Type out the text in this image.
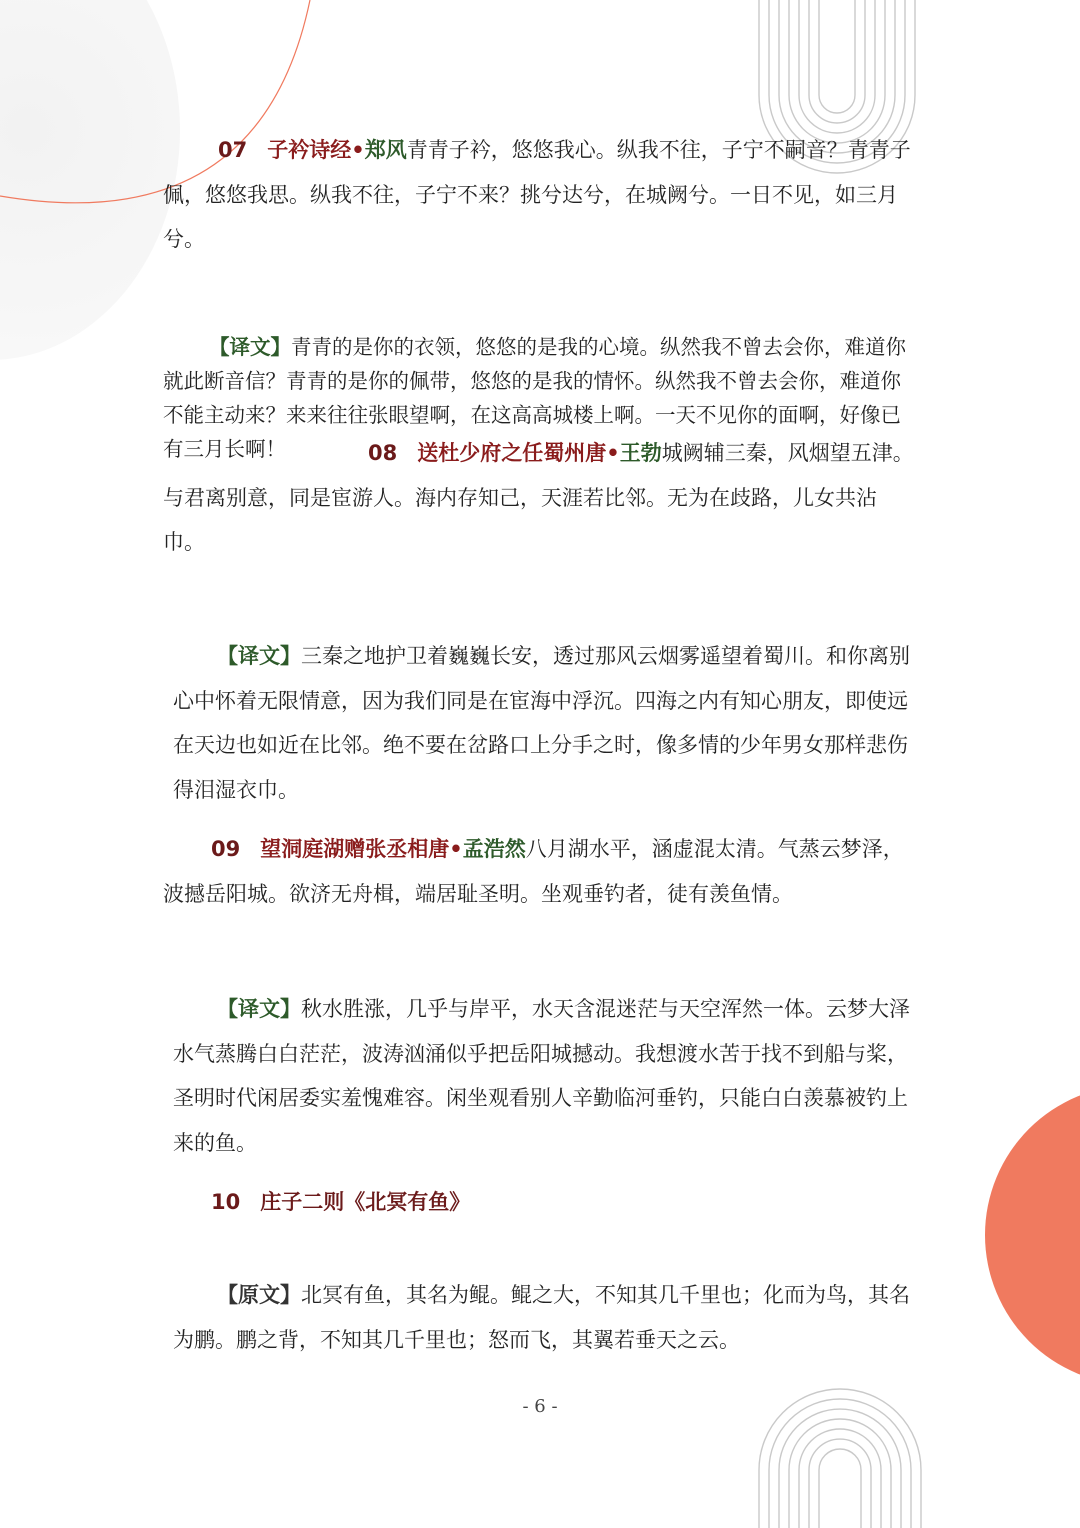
07 子衿诗经•郑风青青子衿，悠悠我心。纵我不往，子宁不嗣音？青青子佩，悠悠我思。纵我不往，子宁不来？挑兮达兮，在城阙兮。一日不见，如三月兮。

【译文】青青的是你的衣领，悠悠的是我的心境。纵然我不曾去会你，难道你就此断音信？青青的是你的佩带，悠悠的是我的情怀。纵然我不曾去会你，难道你不能主动来？来来往往张眼望啊，在这高高城楼上啊。一天不见你的面啊，好像已有三月长啊！	08 送杜少府之任蜀州唐•王勃城阙辅三秦，风烟望五津。与君离别意，同是宦游人。海内存知己，天涯若比邻。无为在歧路，儿女共沾巾。

【译文】三秦之地护卫着巍巍长安，透过那风云烟雾遥望着蜀川。和你离别心中怀着无限情意，因为我们同是在宦海中浮沉。四海之内有知心朋友，即使远在天边也如近在比邻。绝不要在岔路口上分手之时，像多情的少年男女那样悲伤得泪湿衣巾。

09 望洞庭湖赠张丞相唐•孟浩然八月湖水平，涵虚混太清。气蒸云梦泽，波撼岳阳城。欲济无舟楫，端居耻圣明。坐观垂钓者，徒有羡鱼情。

【译文】秋水胜涨，几乎与岸平，水天含混迷茫与天空浑然一体。云梦大泽水气蒸腾白白茫茫，波涛汹涌似乎把岳阳城撼动。我想渡水苦于找不到船与桨，圣明时代闲居委实羞愧难容。闲坐观看别人辛勤临河垂钓，只能白白羡慕被钓上来的鱼。

10 庄子二则《北冥有鱼》

【原文】北冥有鱼，其名为鲲。鲲之大，不知其几千里也；化而为鸟，其名为鹏。鹏之背，不知其几千里也；怒而飞，其翼若垂天之云。

- 6 -
